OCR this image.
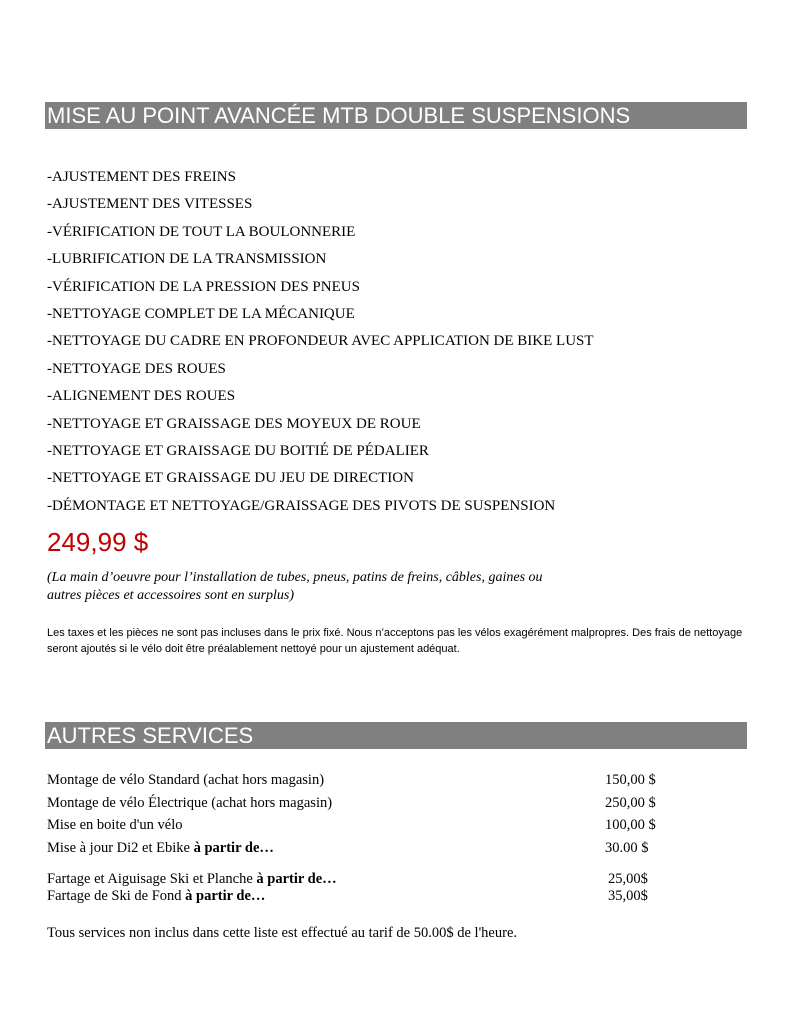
MISE AU POINT AVANCÉE MTB DOUBLE SUSPENSIONS
-AJUSTEMENT DES FREINS
-AJUSTEMENT DES VITESSES
-VÉRIFICATION DE TOUT LA BOULONNERIE
-LUBRIFICATION DE LA TRANSMISSION
-VÉRIFICATION DE LA PRESSION DES PNEUS
-NETTOYAGE COMPLET DE LA MÉCANIQUE
-NETTOYAGE DU CADRE EN PROFONDEUR AVEC APPLICATION DE BIKE LUST
-NETTOYAGE DES ROUES
-ALIGNEMENT DES ROUES
-NETTOYAGE ET GRAISSAGE DES MOYEUX DE ROUE
-NETTOYAGE ET GRAISSAGE DU BOITIÉ DE PÉDALIER
-NETTOYAGE ET GRAISSAGE DU JEU DE DIRECTION
-DÉMONTAGE ET NETTOYAGE/GRAISSAGE DES PIVOTS DE SUSPENSION
249,99 $
(La main d’oeuvre pour l’installation de tubes, pneus, patins de freins, câbles, gaines ou
autres pièces et accessoires sont en surplus)
Les taxes et les pièces ne sont pas incluses dans le prix fixé. Nous n’acceptons pas les vélos exagérément malpropres. Des frais de nettoyage seront ajoutés si le vélo doit être préalablement nettoyé pour un ajustement adéquat.
AUTRES SERVICES
Montage de vélo Standard (achat hors magasin)	150,00 $
Montage de vélo Électrique (achat hors magasin)	250,00 $
Mise en boite d'un vélo	100,00 $
Mise à jour Di2 et Ebike à partir de…	30.00 $
Fartage et Aiguisage Ski et Planche à partir de…	25,00$
Fartage de Ski de Fond à partir de…	35,00$
Tous services non inclus dans cette liste est effectué au tarif de 50.00$ de l'heure.
